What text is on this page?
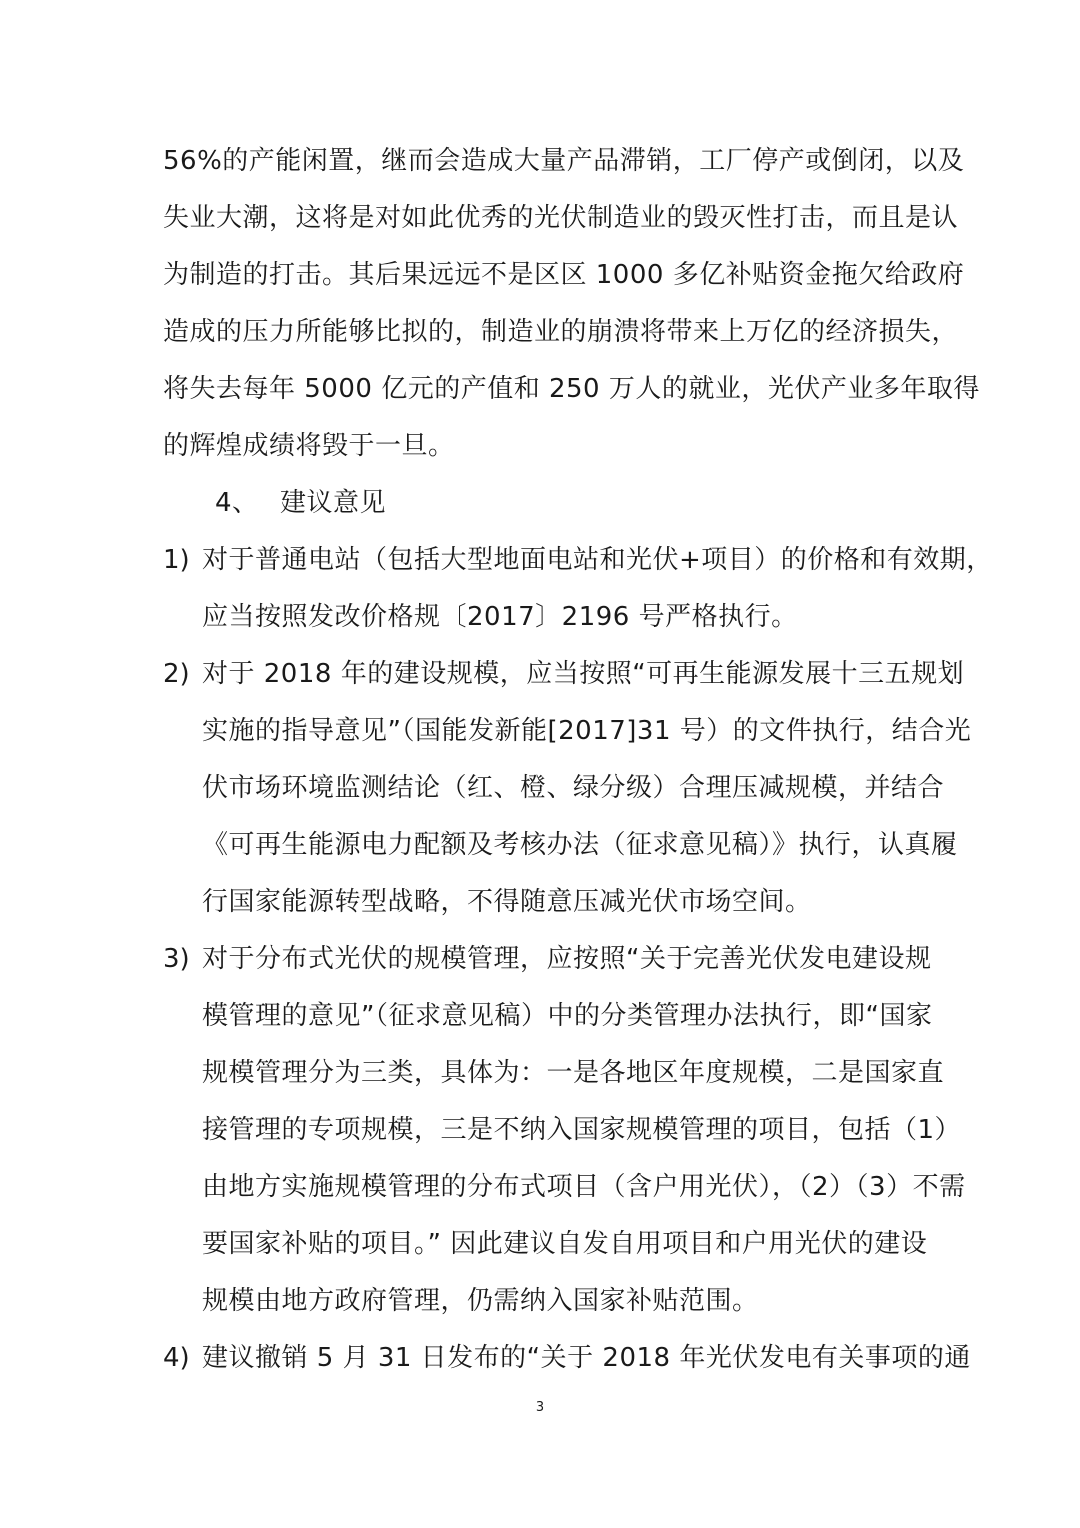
56%的产能闲置，继而会造成大量产品滞销，工厂停产或倒闭，以及
失业大潮，这将是对如此优秀的光伏制造业的毁灭性打击，而且是认
为制造的打击。其后果远远不是区区 1000 多亿补贴资金拖欠给政府
造成的压力所能够比拟的，制造业的崩溃将带来上万亿的经济损失，
将失去每年 5000 亿元的产值和 250 万人的就业，光伏产业多年取得
的辉煌成绩将毁于一旦。
4、 建议意见
1) 对于普通电站（包括大型地面电站和光伏+项目）的价格和有效期，
应当按照发改价格规〔2017〕2196 号严格执行。
2) 对于 2018 年的建设规模，应当按照“可再生能源发展十三五规划
实施的指导意见”（国能发新能[2017]31 号）的文件执行，结合光
伏市场环境监测结论（红、橙、绿分级）合理压减规模，并结合
《可再生能源电力配额及考核办法（征求意见稿）》执行，认真履
行国家能源转型战略，不得随意压减光伏市场空间。
3) 对于分布式光伏的规模管理，应按照“关于完善光伏发电建设规
模管理的意见”（征求意见稿）中的分类管理办法执行，即“国家
规模管理分为三类，具体为：一是各地区年度规模，二是国家直
接管理的专项规模，三是不纳入国家规模管理的项目，包括（1）
由地方实施规模管理的分布式项目（含户用光伏），（2）（3）不需
要国家补贴的项目。” 因此建议自发自用项目和户用光伏的建设
规模由地方政府管理，仍需纳入国家补贴范围。
4) 建议撤销 5 月 31 日发布的“关于 2018 年光伏发电有关事项的通
3
